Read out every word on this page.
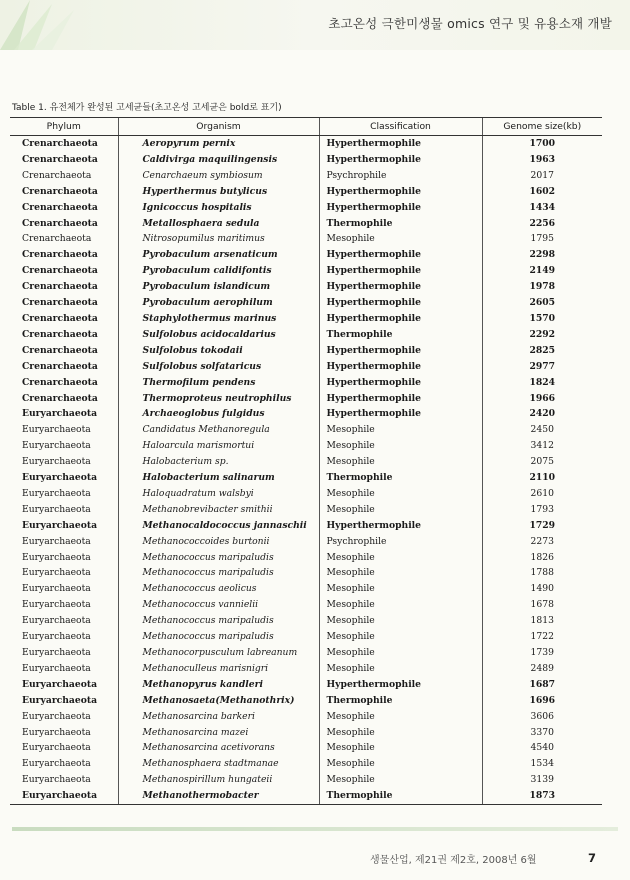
초고온성 극한미생물 omics 연구 및 유용소재 개발
Table 1. 유전체가 완성된 고세균들(초고온성 고세균은 bold로 표기)
Phylum	Organism	Classification	Genome size(kb)
Crenarchaeota	Aeropyrum pernix	Hyperthermophile	1700
Crenarchaeota	Caldivirga maquilingensis	Hyperthermophile	1963
Crenarchaeota	Cenarchaeum symbiosum	Psychrophile	2017
Crenarchaeota	Hyperthermus butylicus	Hyperthermophile	1602
Crenarchaeota	Ignicoccus hospitalis	Hyperthermophile	1434
Crenarchaeota	Metallosphaera sedula	Thermophile	2256
Crenarchaeota	Nitrosopumilus maritimus	Mesophile	1795
Crenarchaeota	Pyrobaculum arsenaticum	Hyperthermophile	2298
Crenarchaeota	Pyrobaculum calidifontis	Hyperthermophile	2149
Crenarchaeota	Pyrobaculum islandicum	Hyperthermophile	1978
Crenarchaeota	Pyrobaculum aerophilum	Hyperthermophile	2605
Crenarchaeota	Staphylothermus marinus	Hyperthermophile	1570
Crenarchaeota	Sulfolobus acidocaldarius	Thermophile	2292
Crenarchaeota	Sulfolobus tokodaii	Hyperthermophile	2825
Crenarchaeota	Sulfolobus solfataricus	Hyperthermophile	2977
Crenarchaeota	Thermofilum pendens	Hyperthermophile	1824
Crenarchaeota	Thermoproteus neutrophilus	Hyperthermophile	1966
Euryarchaeota	Archaeoglobus fulgidus	Hyperthermophile	2420
Euryarchaeota	Candidatus Methanoregula	Mesophile	2450
Euryarchaeota	Haloarcula marismortui	Mesophile	3412
Euryarchaeota	Halobacterium sp.	Mesophile	2075
Euryarchaeota	Halobacterium salinarum	Thermophile	2110
Euryarchaeota	Haloquadratum walsbyi	Mesophile	2610
Euryarchaeota	Methanobrevibacter smithii	Mesophile	1793
Euryarchaeota	Methanocaldococcus jannaschii	Hyperthermophile	1729
Euryarchaeota	Methanococcoides burtonii	Psychrophile	2273
Euryarchaeota	Methanococcus maripaludis	Mesophile	1826
Euryarchaeota	Methanococcus maripaludis	Mesophile	1788
Euryarchaeota	Methanococcus aeolicus	Mesophile	1490
Euryarchaeota	Methanococcus vannielii	Mesophile	1678
Euryarchaeota	Methanococcus maripaludis	Mesophile	1813
Euryarchaeota	Methanococcus maripaludis	Mesophile	1722
Euryarchaeota	Methanocorpusculum labreanum	Mesophile	1739
Euryarchaeota	Methanoculleus marisnigri	Mesophile	2489
Euryarchaeota	Methanopyrus kandleri	Hyperthermophile	1687
Euryarchaeota	Methanosaeta(Methanothrix)	Thermophile	1696
Euryarchaeota	Methanosarcina barkeri	Mesophile	3606
Euryarchaeota	Methanosarcina mazei	Mesophile	3370
Euryarchaeota	Methanosarcina acetivorans	Mesophile	4540
Euryarchaeota	Methanosphaera stadtmanae	Mesophile	1534
Euryarchaeota	Methanospirillum hungateii	Mesophile	3139
Euryarchaeota	Methanothermobacter	Thermophile	1873
생물산업, 제21권 제2호, 2008년 6월	7
